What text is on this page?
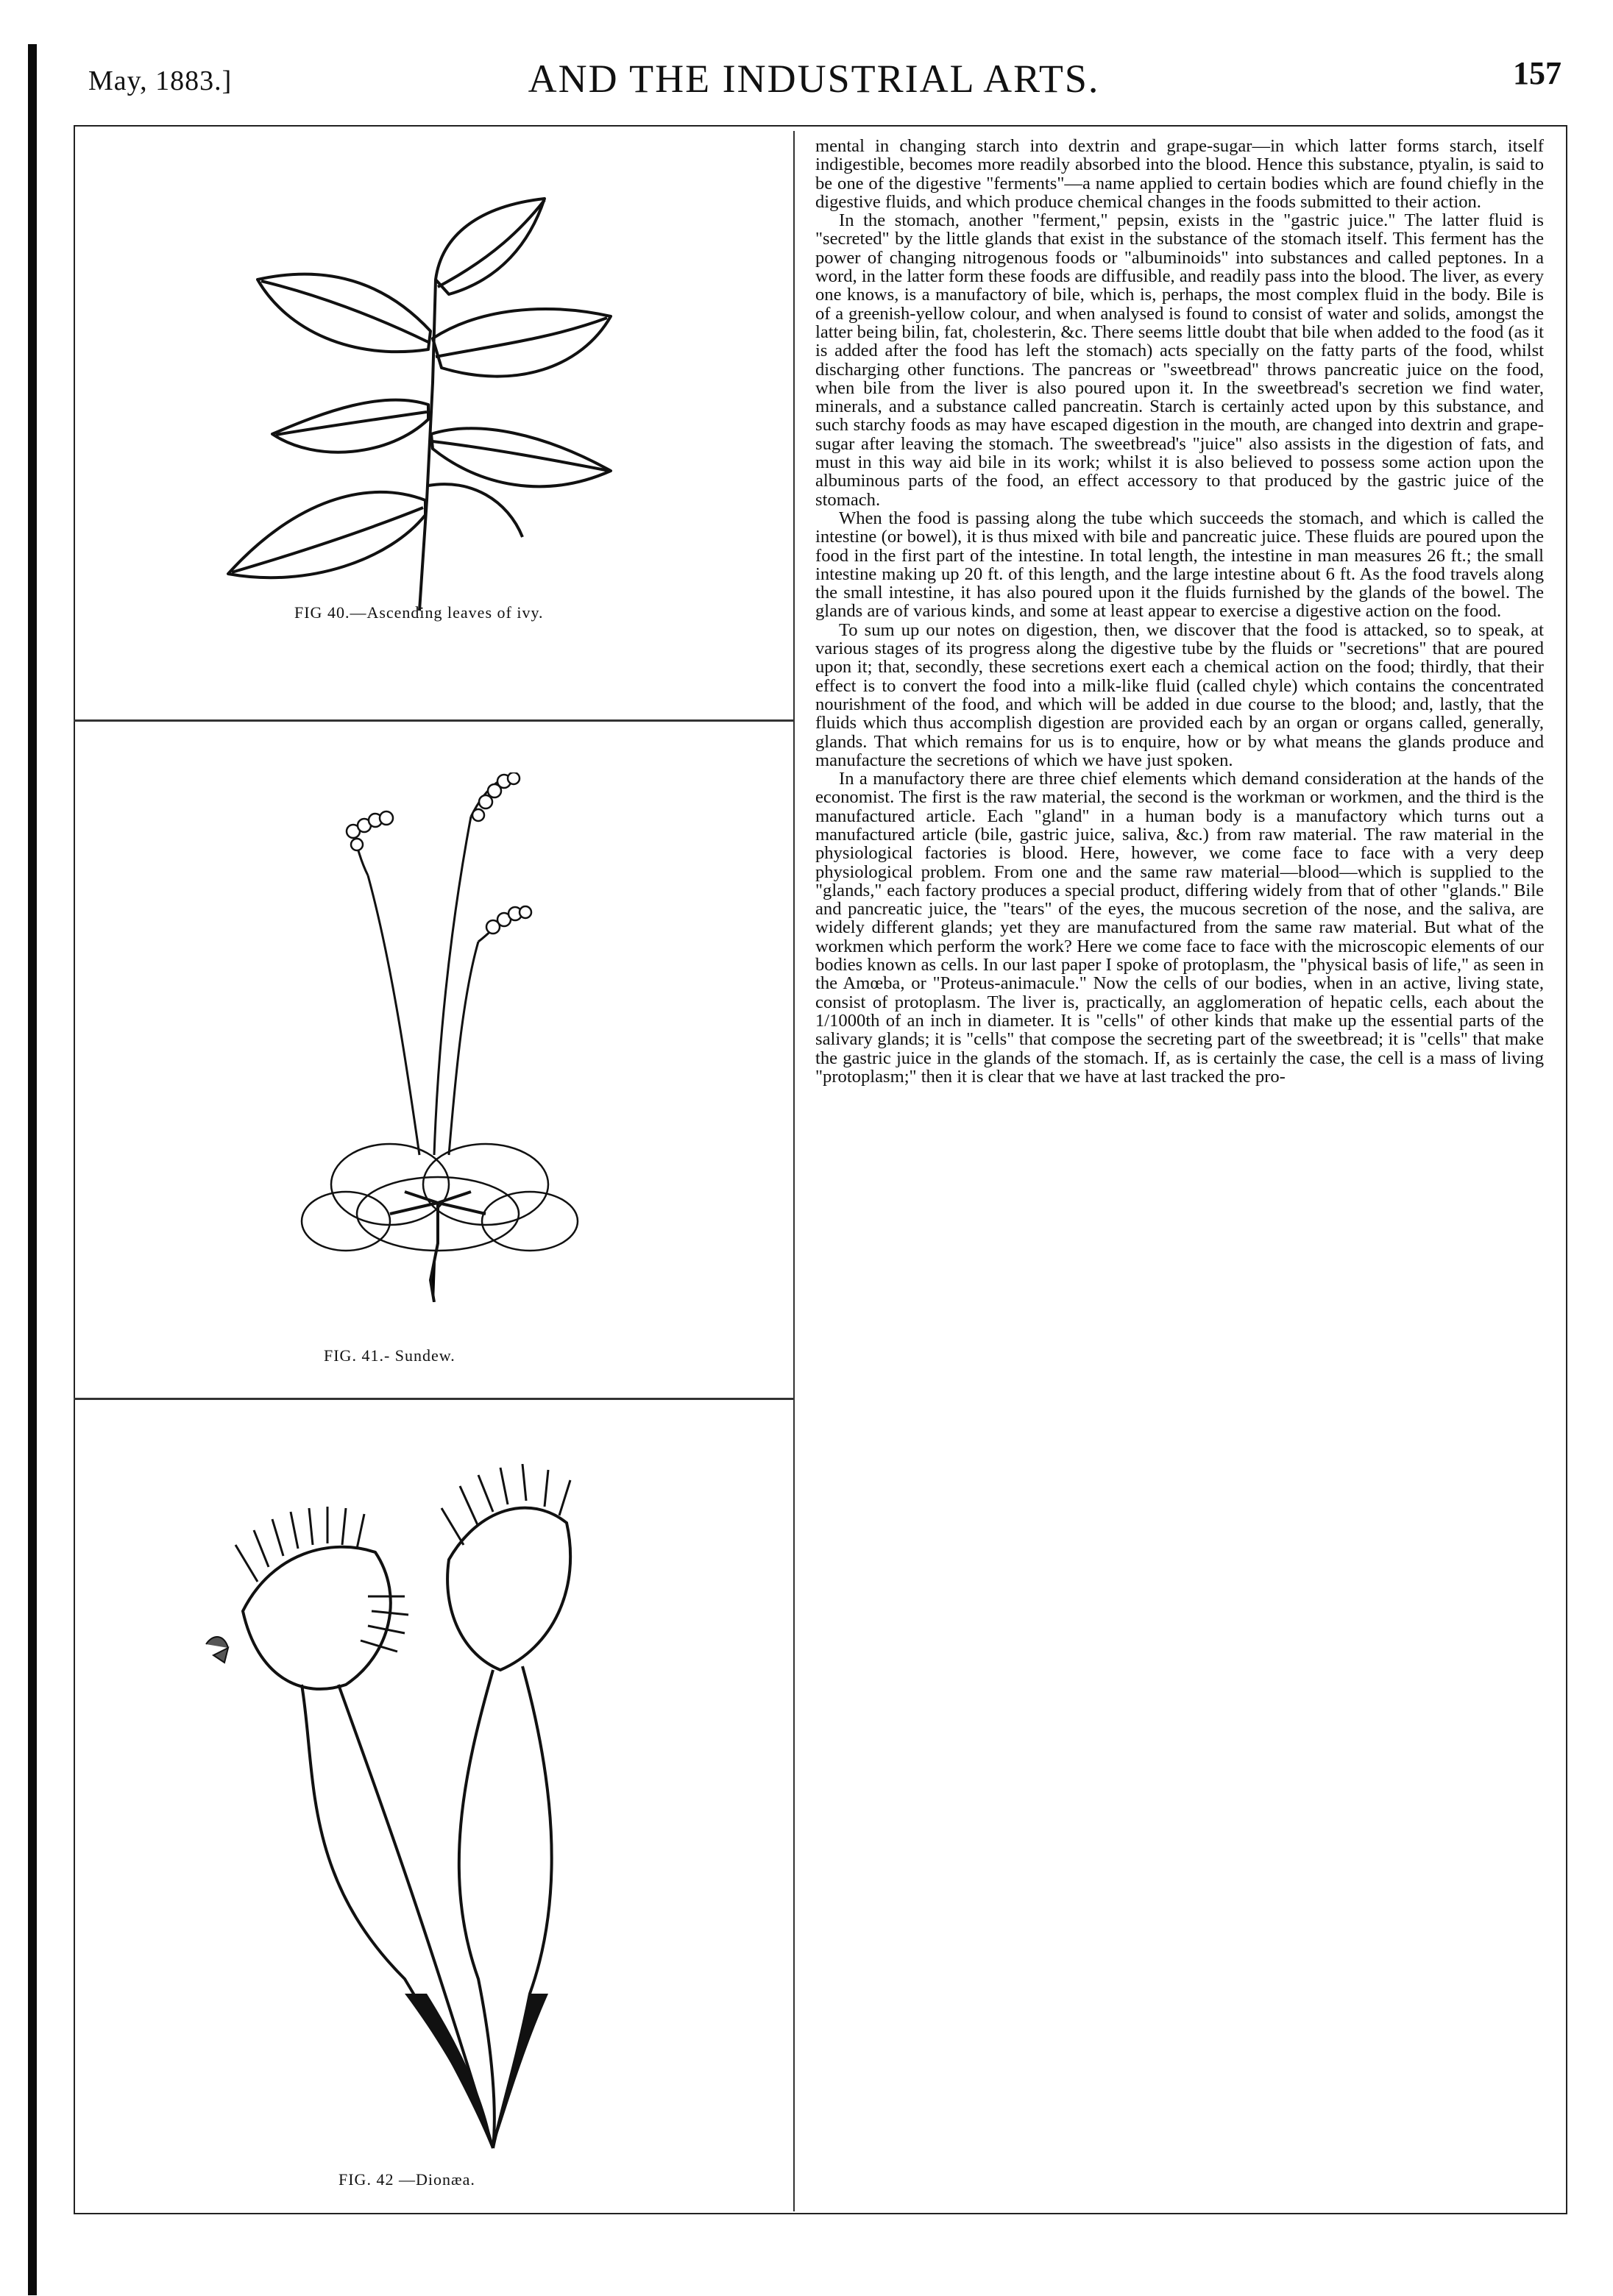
May, 1883.]	AND THE INDUSTRIAL ARTS.	157
FIG 40.—Ascending leaves of ivy.
FIG. 41.- Sundew.
FIG. 42 —Dionæa.

mental in changing starch into dextrin and grape-sugar—in which latter forms starch, itself indigestible, becomes more readily absorbed into the blood. Hence this substance, ptyalin, is said to be one of the digestive "ferments"—a name applied to certain bodies which are found chiefly in the digestive fluids, and which produce chemical changes in the foods submitted to their action.

In the stomach, another "ferment," pepsin, exists in the "gastric juice." The latter fluid is "secreted" by the little glands that exist in the substance of the stomach itself. This ferment has the power of changing nitrogenous foods or "albuminoids" into substances and called peptones. In a word, in the latter form these foods are diffusible, and readily pass into the blood. The liver, as every one knows, is a manufactory of bile, which is, perhaps, the most complex fluid in the body. Bile is of a greenish-yellow colour, and when analysed is found to consist of water and solids, amongst the latter being bilin, fat, cholesterin, &c. There seems little doubt that bile when added to the food (as it is added after the food has left the stomach) acts specially on the fatty parts of the food, whilst discharging other functions. The pancreas or "sweetbread" throws pancreatic juice on the food, when bile from the liver is also poured upon it. In the sweetbread's secretion we find water, minerals, and a substance called pancreatin. Starch is certainly acted upon by this substance, and such starchy foods as may have escaped digestion in the mouth, are changed into dextrin and grape-sugar after leaving the stomach. The sweetbread's "juice" also assists in the digestion of fats, and must in this way aid bile in its work; whilst it is also believed to possess some action upon the albuminous parts of the food, an effect accessory to that produced by the gastric juice of the stomach.

When the food is passing along the tube which succeeds the stomach, and which is called the intestine (or bowel), it is thus mixed with bile and pancreatic juice. These fluids are poured upon the food in the first part of the intestine. In total length, the intestine in man measures 26 ft.; the small intestine making up 20 ft. of this length, and the large intestine about 6 ft. As the food travels along the small intestine, it has also poured upon it the fluids furnished by the glands of the bowel. The glands are of various kinds, and some at least appear to exercise a digestive action on the food.

To sum up our notes on digestion, then, we discover that the food is attacked, so to speak, at various stages of its progress along the digestive tube by the fluids or "secretions" that are poured upon it; that, secondly, these secretions exert each a chemical action on the food; thirdly, that their effect is to convert the food into a milk-like fluid (called chyle) which contains the concentrated nourishment of the food, and which will be added in due course to the blood; and, lastly, that the fluids which thus accomplish digestion are provided each by an organ or organs called, generally, glands. That which remains for us is to enquire, how or by what means the glands produce and manufacture the secretions of which we have just spoken.

In a manufactory there are three chief elements which demand consideration at the hands of the economist. The first is the raw material, the second is the workman or workmen, and the third is the manufactured article. Each "gland" in a human body is a manufactory which turns out a manufactured article (bile, gastric juice, saliva, &c.) from raw material. The raw material in the physiological factories is blood. Here, however, we come face to face with a very deep physiological problem. From one and the same raw material—blood—which is supplied to the "glands," each factory produces a special product, differing widely from that of other "glands." Bile and pancreatic juice, the "tears" of the eyes, the mucous secretion of the nose, and the saliva, are widely different glands; yet they are manufactured from the same raw material. But what of the workmen which perform the work? Here we come face to face with the microscopic elements of our bodies known as cells. In our last paper I spoke of protoplasm, the "physical basis of life," as seen in the Amœba, or "Proteus-animacule." Now the cells of our bodies, when in an active, living state, consist of protoplasm. The liver is, practically, an agglomeration of hepatic cells, each about the 1/1000th of an inch in diameter. It is "cells" of other kinds that make up the essential parts of the salivary glands; it is "cells" that compose the secreting part of the sweetbread; it is "cells" that make the gastric juice in the glands of the stomach. If, as is certainly the case, the cell is a mass of living "protoplasm;" then it is clear that we have at last tracked the pro-
